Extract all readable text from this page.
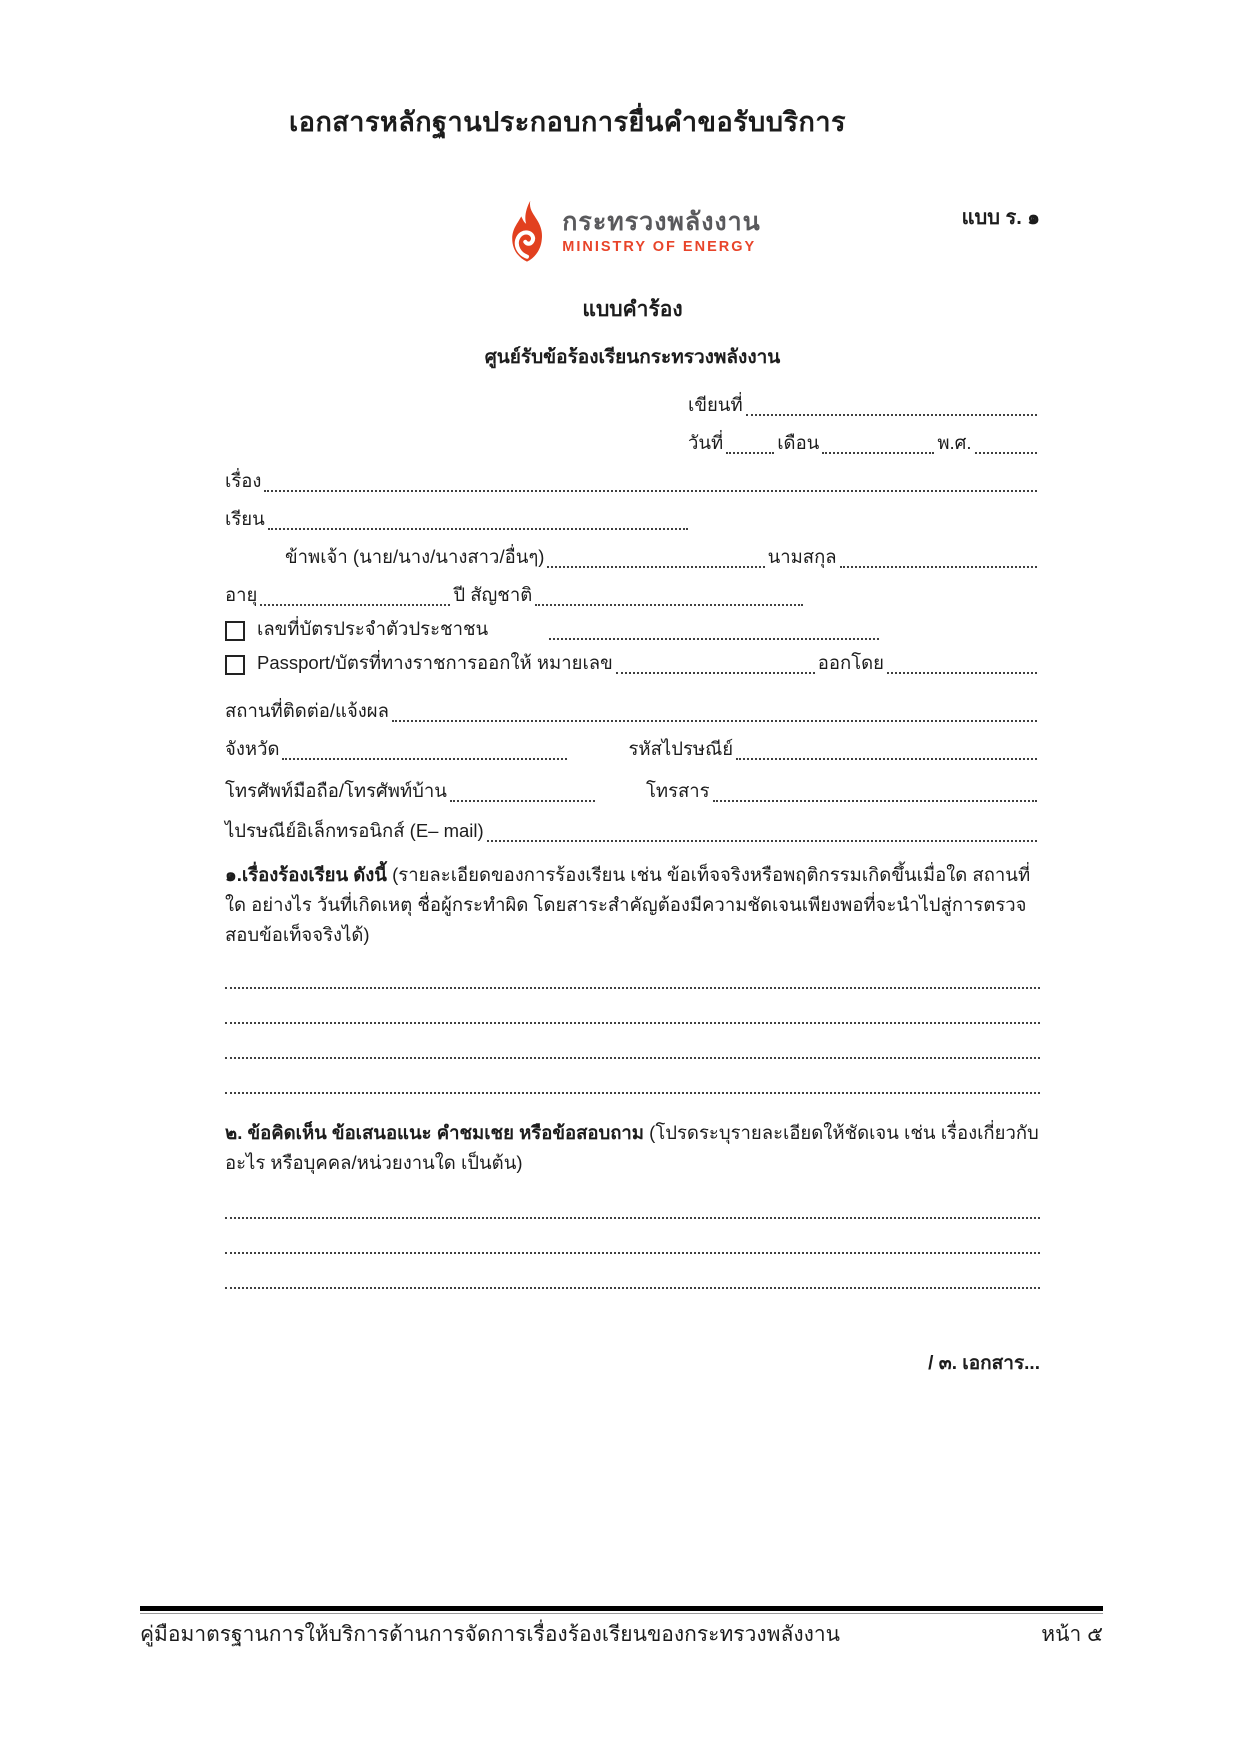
เอกสารหลักฐานประกอบการยื่นคำขอรับบริการ
กระทรวงพลังงาน
MINISTRY OF ENERGY
แบบ ร. ๑
แบบคำร้อง
ศูนย์รับข้อร้องเรียนกระทรวงพลังงาน
เขียนที่
วันที่	เดือน	พ.ศ.
เรื่อง
เรียน
ข้าพเจ้า (นาย/นาง/นางสาว/อื่นๆ)	นามสกุล
อายุ	ปี สัญชาติ
เลขที่บัตรประจำตัวประชาชน
Passport/บัตรที่ทางราชการออกให้ หมายเลข	ออกโดย
สถานที่ติดต่อ/แจ้งผล
จังหวัด	รหัสไปรษณีย์
โทรศัพท์มือถือ/โทรศัพท์บ้าน	โทรสาร
ไปรษณีย์อิเล็กทรอนิกส์ (E– mail)
๑.เรื่องร้องเรียน ดังนี้ (รายละเอียดของการร้องเรียน เช่น ข้อเท็จจริงหรือพฤติกรรมเกิดขึ้นเมื่อใด สถานที่ใด อย่างไร วันที่เกิดเหตุ ชื่อผู้กระทำผิด โดยสาระสำคัญต้องมีความชัดเจนเพียงพอที่จะนำไปสู่การตรวจสอบข้อเท็จจริงได้)
๒. ข้อคิดเห็น ข้อเสนอแนะ คำชมเชย หรือข้อสอบถาม (โปรดระบุรายละเอียดให้ชัดเจน เช่น เรื่องเกี่ยวกับอะไร หรือบุคคล/หน่วยงานใด เป็นต้น)
/ ๓. เอกสาร...
คู่มือมาตรฐานการให้บริการด้านการจัดการเรื่องร้องเรียนของกระทรวงพลังงาน	หน้า ๕
